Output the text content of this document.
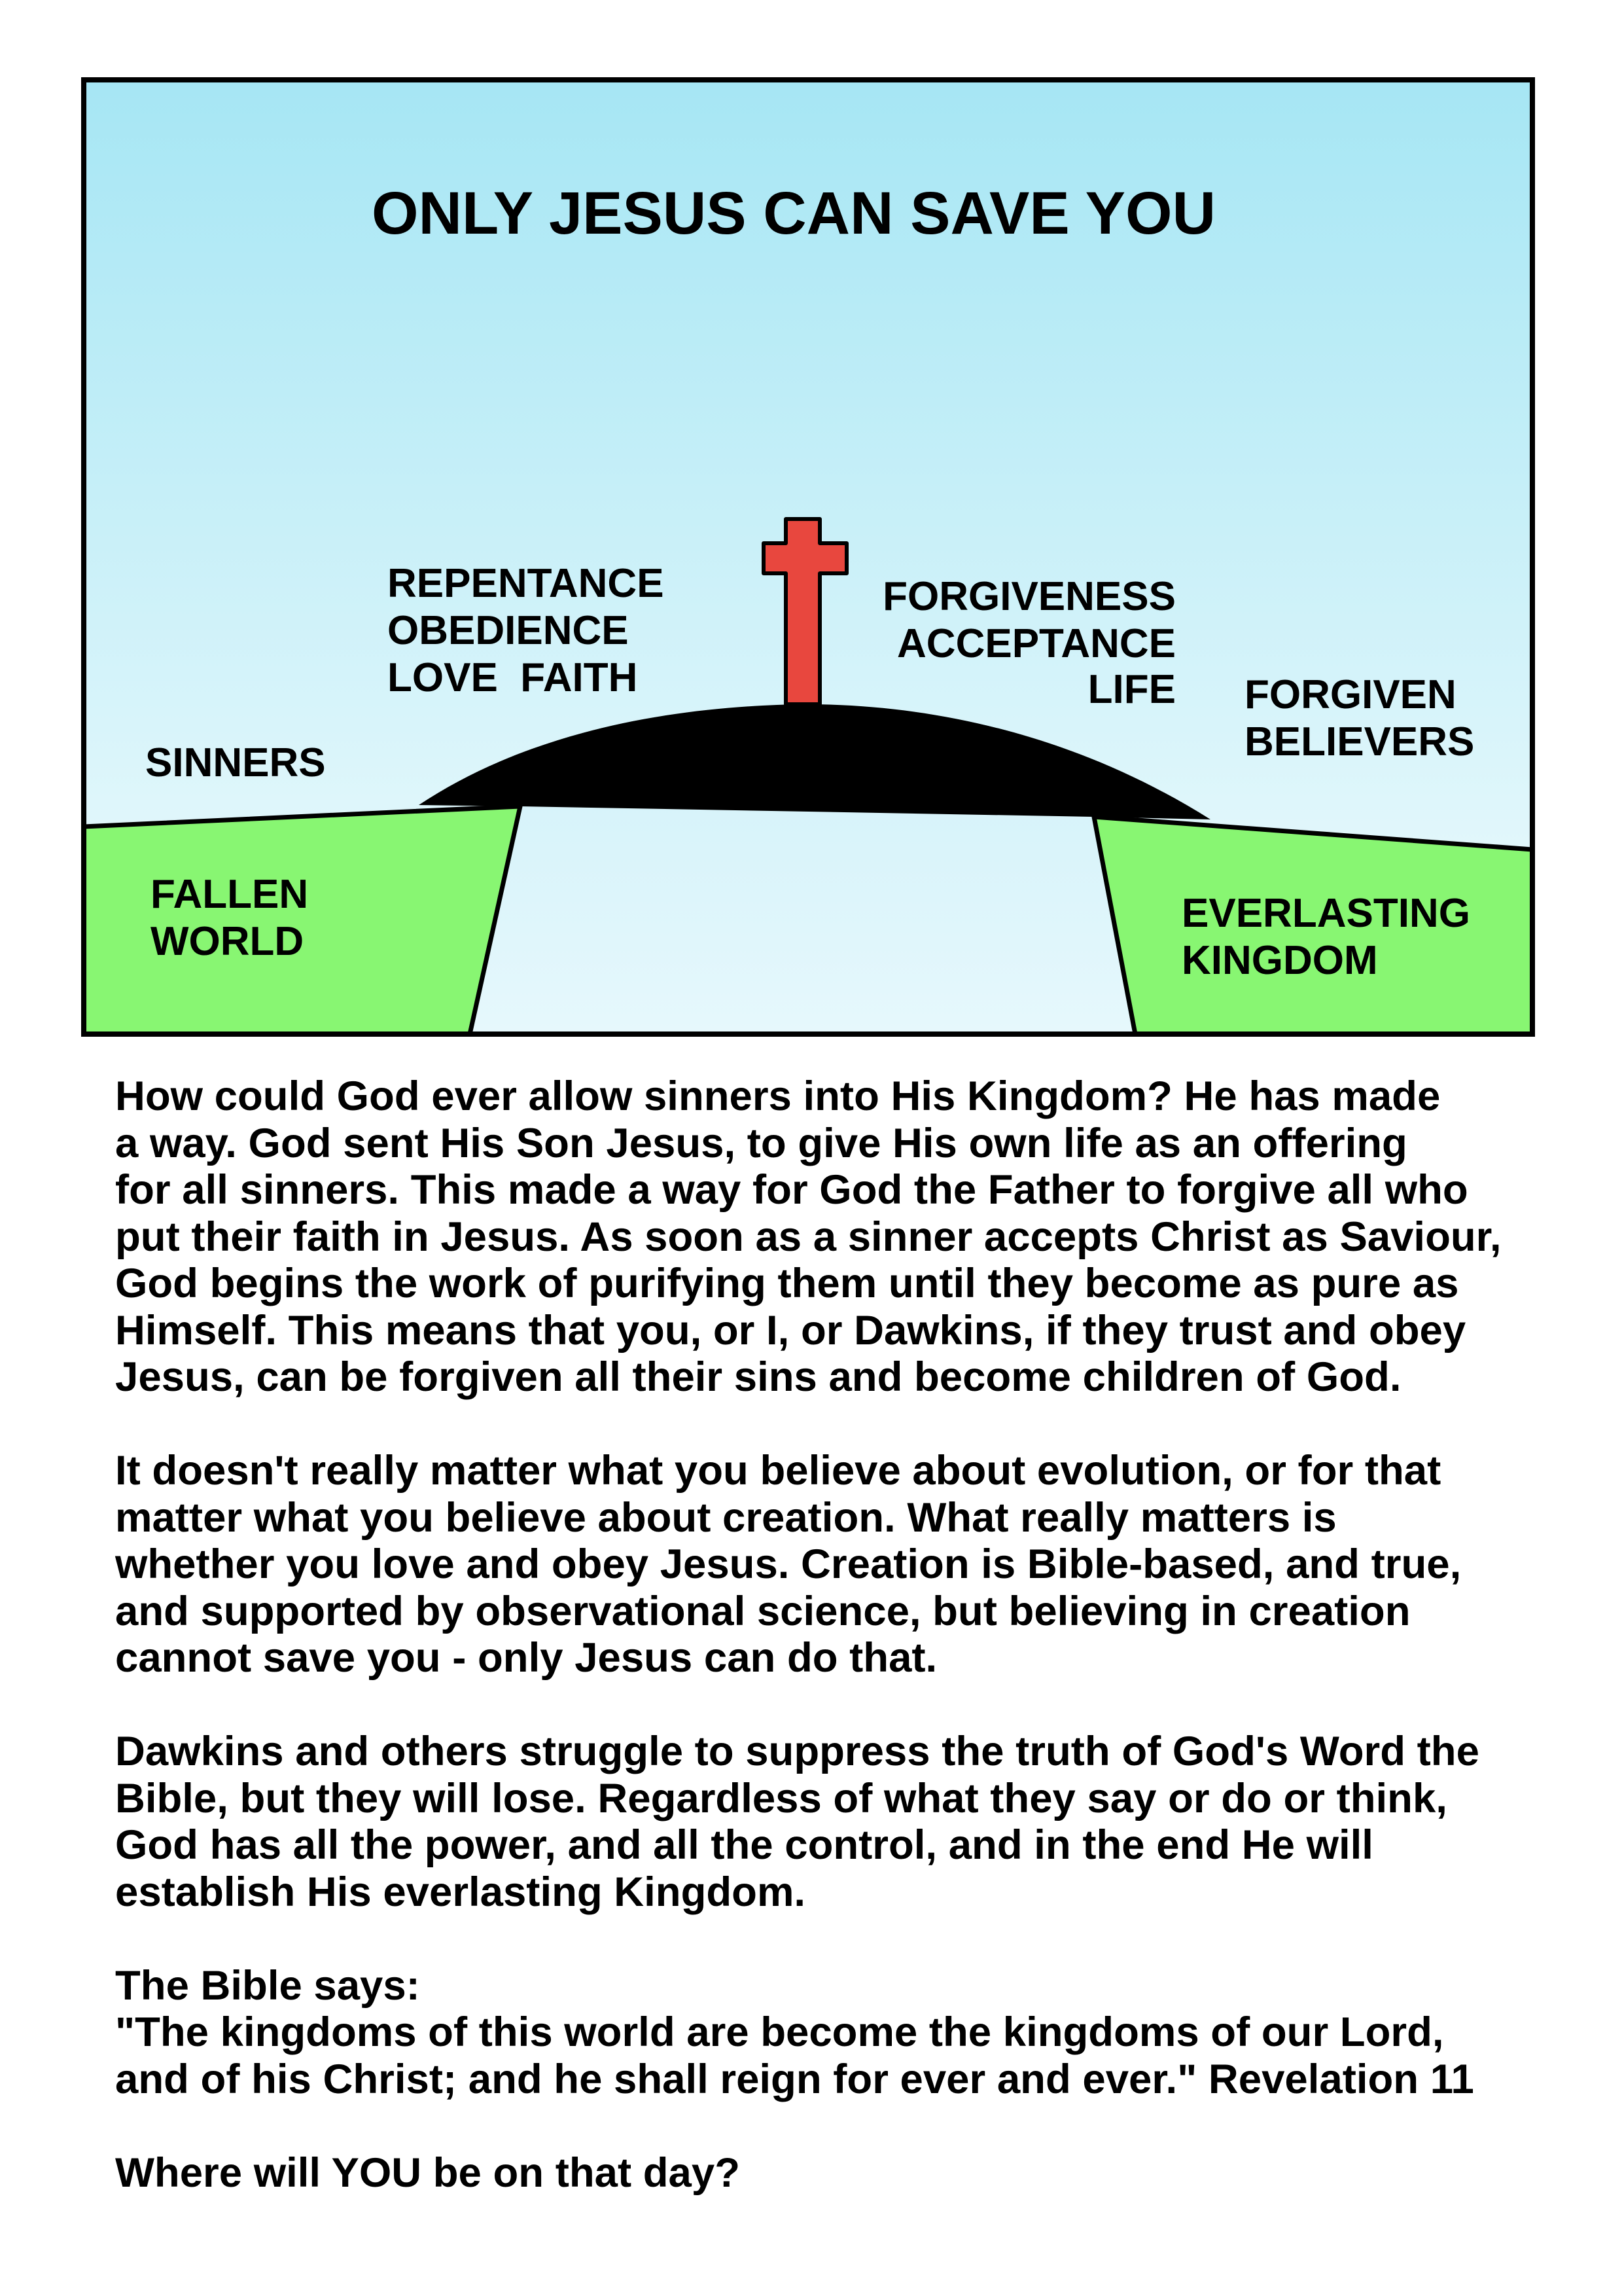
ONLY JESUS CAN SAVE YOU
SINNERS
REPENTANCE
OBEDIENCE
LOVE  FAITH
FORGIVENESS
ACCEPTANCE
LIFE FORGIVEN
BELIEVERS
FALLEN
WORLD
EVERLASTING
KINGDOM

How could God ever allow sinners into His Kingdom? He has made
a way. God sent His Son Jesus, to give His own life as an offering
for all sinners. This made a way for God the Father to forgive all who
put their faith in Jesus. As soon as a sinner accepts Christ as Saviour,
God begins the work of purifying them until they become as pure as
Himself. This means that you, or I, or Dawkins, if they trust and obey
Jesus, can be forgiven all their sins and become children of God.

It doesn't really matter what you believe about evolution, or for that
matter what you believe about creation. What really matters is
whether you love and obey Jesus. Creation is Bible-based, and true,
and supported by observational science, but believing in creation
cannot save you - only Jesus can do that.

Dawkins and others struggle to suppress the truth of God's Word the
Bible, but they will lose. Regardless of what they say or do or think,
God has all the power, and all the control, and in the end He will
establish His everlasting Kingdom.

The Bible says:
"The kingdoms of this world are become the kingdoms of our Lord,
and of his Christ; and he shall reign for ever and ever." Revelation 11

Where will YOU be on that day?
